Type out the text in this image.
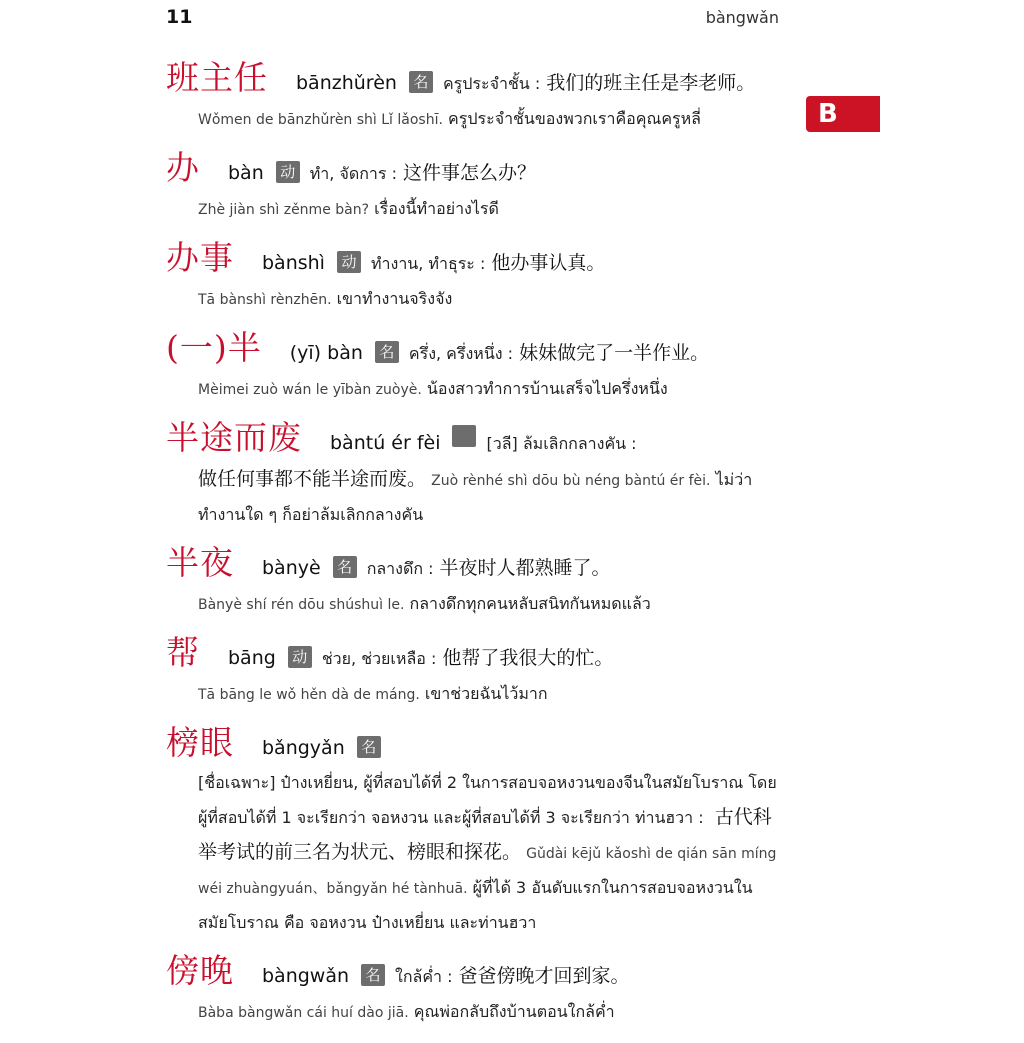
11	bàngwǎn
B
班主任 bānzhǔrèn 名 ครูประจำชั้น : 我们的班主任是李老师。
Wǒmen de bānzhǔrèn shì Lǐ lǎoshī. ครูประจำชั้นของพวกเราคือคุณครูหลี่
办 bàn 动 ทำ, จัดการ : 这件事怎么办？
Zhè jiàn shì zěnme bàn? เรื่องนี้ทำอย่างไรดี
办事 bànshì 动 ทำงาน, ทำธุระ : 他办事认真。
Tā bànshì rènzhēn. เขาทำงานจริงจัง
(一)半 (yī) bàn 名 ครึ่ง, ครึ่งหนึ่ง : 妹妹做完了一半作业。
Mèimei zuò wán le yībàn zuòyè. น้องสาวทำการบ้านเสร็จไปครึ่งหนึ่ง
半途而废 bàntú ér fèi	[วลี] ล้มเลิกกลางคัน :
做任何事都不能半途而废。 Zuò rènhé shì dōu bù néng bàntú ér fèi. ไม่ว่าทำงานใด ๆ ก็อย่าล้มเลิกกลางคัน
半夜 bànyè 名 กลางดึก : 半夜时人都熟睡了。
Bànyè shí rén dōu shúshuì le. กลางดึกทุกคนหลับสนิทกันหมดแล้ว
帮 bāng 动 ช่วย, ช่วยเหลือ : 他帮了我很大的忙。
Tā bāng le wǒ hěn dà de máng. เขาช่วยฉันไว้มาก
榜眼 bǎngyǎn 名
[ชื่อเฉพาะ] ป๋างเหยี่ยน, ผู้ที่สอบได้ที่ 2 ในการสอบจอหงวนของจีนในสมัยโบราณ โดยผู้ที่สอบได้ที่ 1 จะเรียกว่า จอหงวน และผู้ที่สอบได้ที่ 3 จะเรียกว่า ท่านฮวา : 古代科举考试的前三名为状元、榜眼和探花。 Gǔdài kējǔ kǎoshì de qián sān míng wéi zhuàngyuán、bǎngyǎn hé tànhuā. ผู้ที่ได้ 3 อันดับแรกในการสอบจอหงวนในสมัยโบราณ คือ จอหงวน ป๋างเหยี่ยน และท่านฮวา
傍晚 bàngwǎn 名 ใกล้ค่ำ : 爸爸傍晚才回到家。
Bàba bàngwǎn cái huí dào jiā. คุณพ่อกลับถึงบ้านตอนใกล้ค่ำ
